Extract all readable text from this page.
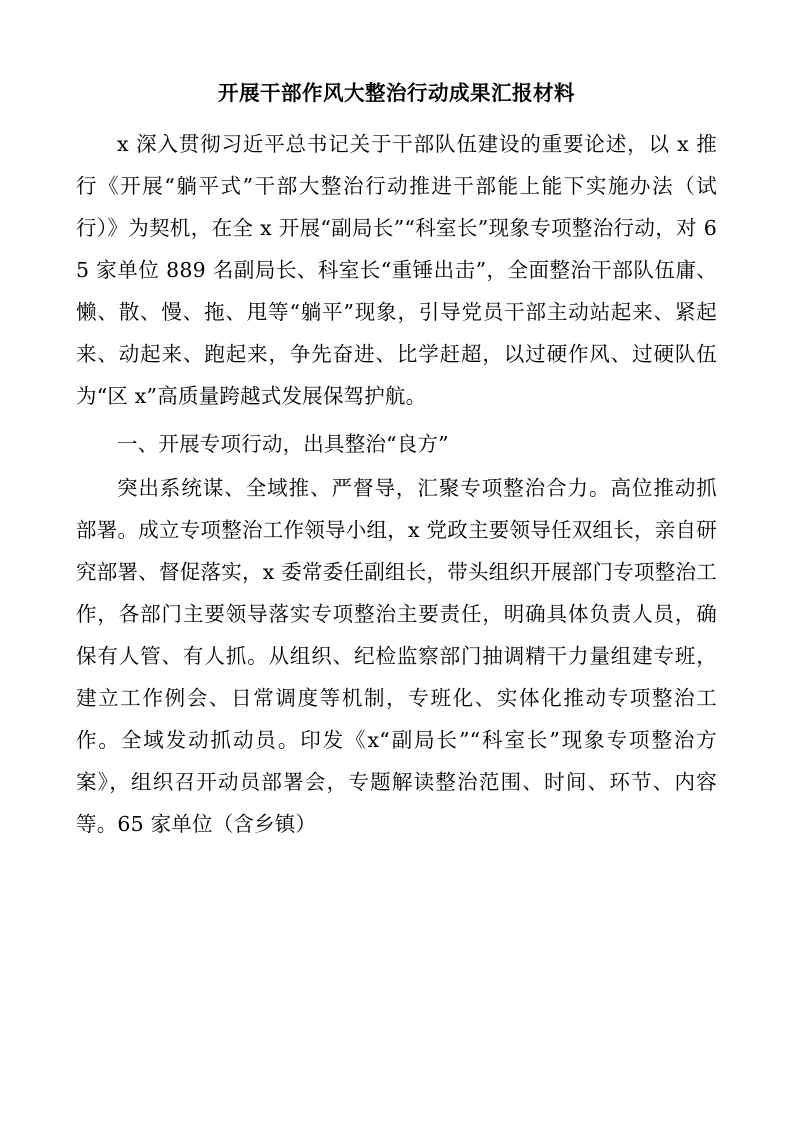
开展干部作风大整治行动成果汇报材料

x 深入贯彻习近平总书记关于干部队伍建设的重要论述，以 x 推行《开展“躺平式”干部大整治行动推进干部能上能下实施办法（试行）》为契机，在全 x 开展“副局长”“科室长”现象专项整治行动，对 65 家单位 889 名副局长、科室长“重锤出击”，全面整治干部队伍庸、懒、散、慢、拖、甩等“躺平”现象，引导党员干部主动站起来、紧起来、动起来、跑起来，争先奋进、比学赶超，以过硬作风、过硬队伍为“区 x”高质量跨越式发展保驾护航。

一、开展专项行动，出具整治“良方”

突出系统谋、全域推、严督导，汇聚专项整治合力。高位推动抓部署。成立专项整治工作领导小组，x 党政主要领导任双组长，亲自研究部署、督促落实，x 委常委任副组长，带头组织开展部门专项整治工作，各部门主要领导落实专项整治主要责任，明确具体负责人员，确保有人管、有人抓。从组织、纪检监察部门抽调精干力量组建专班，建立工作例会、日常调度等机制，专班化、实体化推动专项整治工作。全域发动抓动员。印发《x“副局长”“科室长”现象专项整治方案》，组织召开动员部署会，专题解读整治范围、时间、环节、内容等。65 家单位（含乡镇）
